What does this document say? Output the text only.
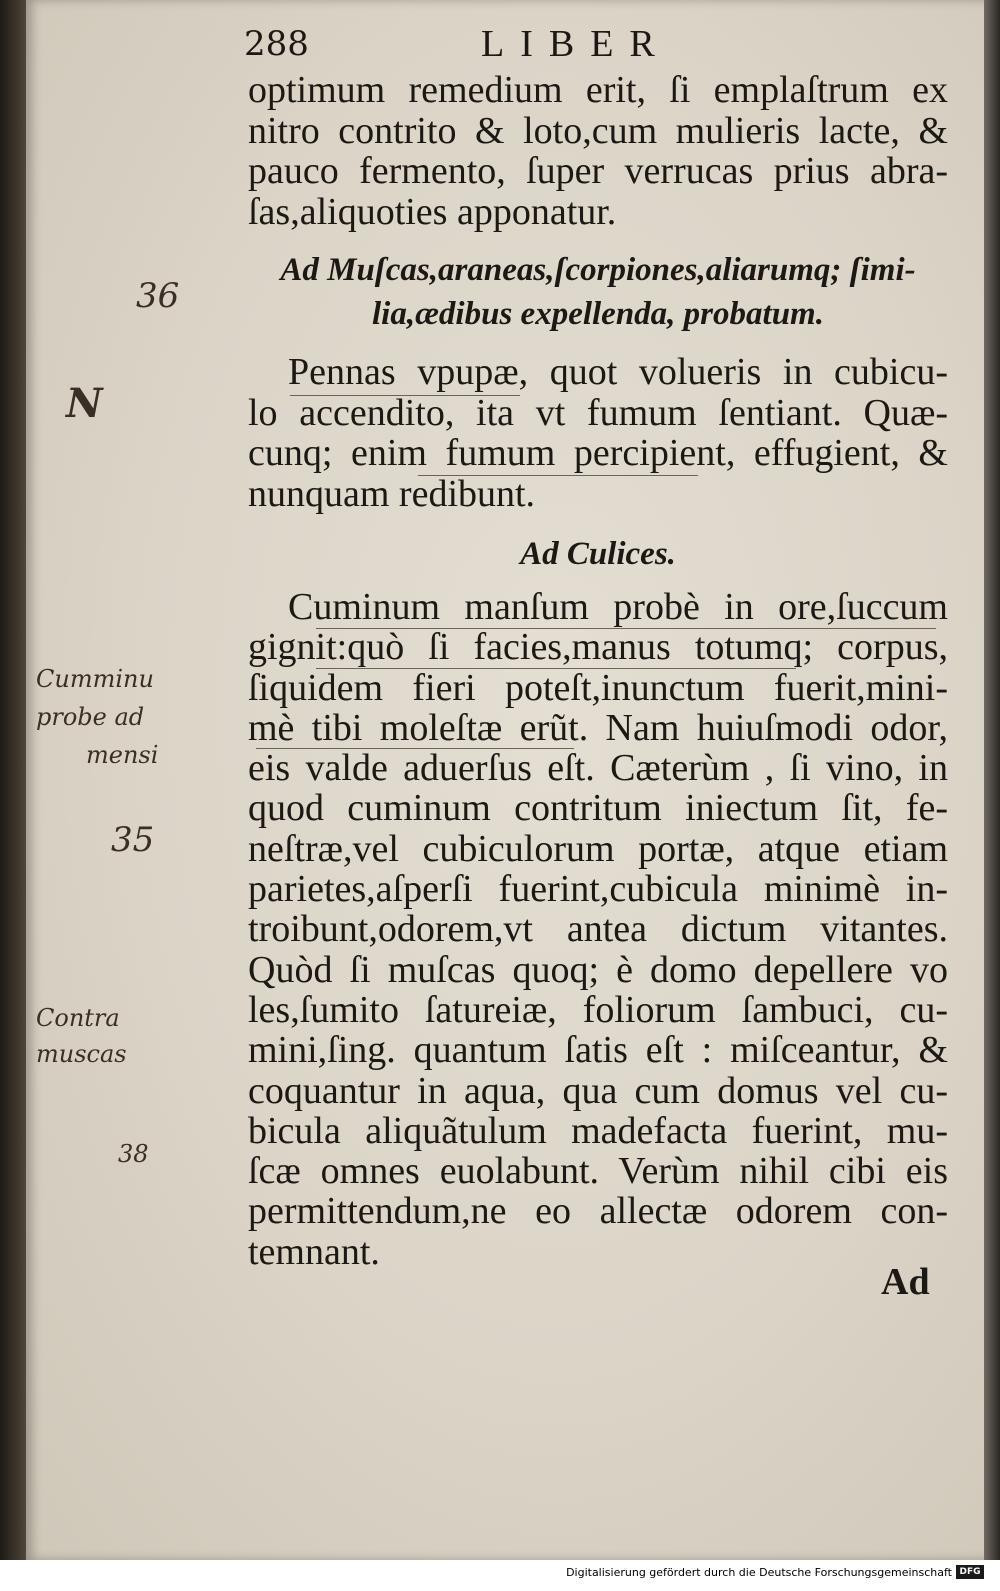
288	LIBER
optimum remedium erit, ſi emplaſtrum ex
nitro contrito & loto,cum mulieris lacte, &
pauco fermento, ſuper verrucas prius abra-
ſas,aliquoties apponatur.
Ad Muſcas,araneas,ſcorpiones,aliarumq; ſimi-
lia,ædibus expellenda, probatum.
Pennas vpupæ, quot volueris in cubicu-
lo accendito, ita vt fumum ſentiant. Quæ-
cunq; enim fumum percipient, effugient, &
nunquam redibunt.
Ad Culices.
Cuminum manſum probè in ore,ſuccum
gignit:quò ſi facies,manus totumq; corpus,
ſiquidem fieri poteſt,inunctum fuerit,mini-
mè tibi moleſtæ erũt. Nam huiuſmodi odor,
eis valde aduerſus eſt. Cæterùm , ſi vino, in
quod cuminum contritum iniectum ſit, fe-
neſtræ,vel cubiculorum portæ, atque etiam
parietes,aſperſi fuerint,cubicula minimè in-
troibunt,odorem,vt antea dictum vitantes.
Quòd ſi muſcas quoq; è domo depellere vo
les,ſumito ſatureiæ, foliorum ſambuci, cu-
mini,ſing. quantum ſatis eſt : miſceantur, &
coquantur in aqua, qua cum domus vel cu-
bicula aliquãtulum madefacta fuerint, mu-
ſcæ omnes euolabunt. Verùm nihil cibi eis
permittendum,ne eo allectæ odorem con-
temnant.
Ad
36
N
35
38
Cumminu
probe ad
mensi
Contra
muscas
Digitalisierung gefördert durch die Deutsche Forschungsgemeinschaft DFG
